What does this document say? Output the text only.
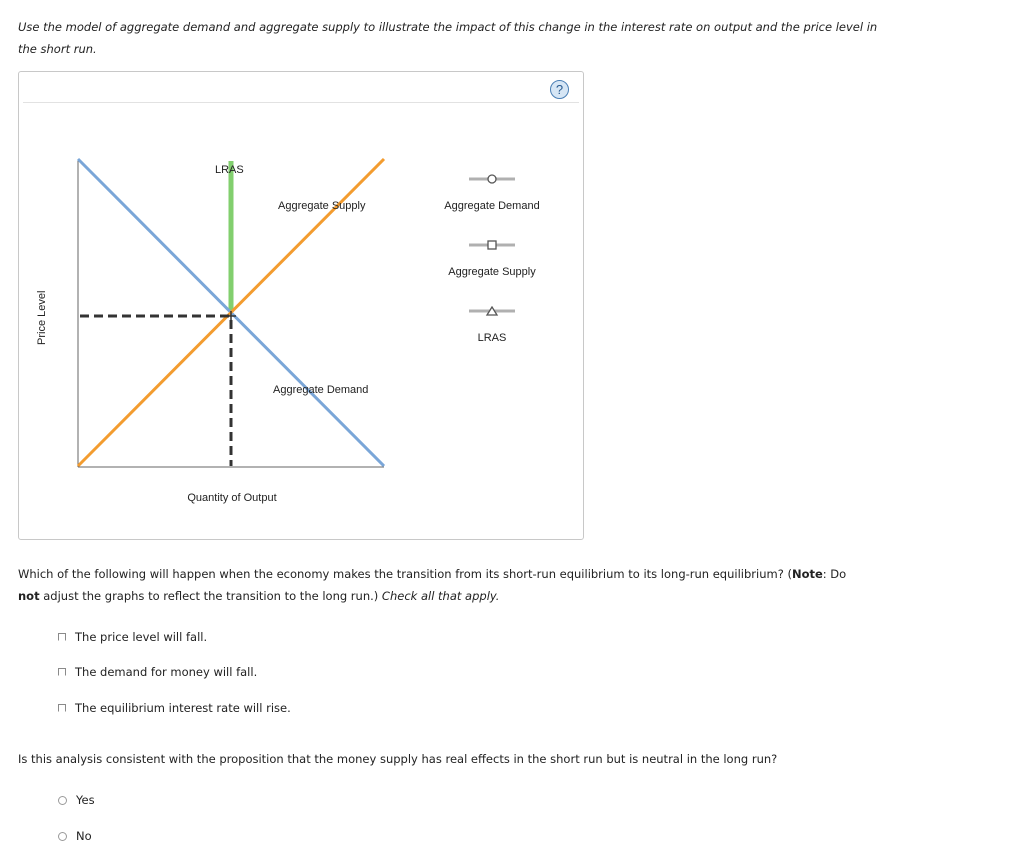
Use the model of aggregate demand and aggregate supply to illustrate the impact of this change in the interest rate on output and the price level in the short run.
?
Price Level
Quantity of Output
LRAS
Aggregate Supply
Aggregate Demand
Aggregate Demand
Aggregate Supply
LRAS
Which of the following will happen when the economy makes the transition from its short-run equilibrium to its long-run equilibrium? (Note: Do
not adjust the graphs to reflect the transition to the long run.) Check all that apply.
The price level will fall.
The demand for money will fall.
The equilibrium interest rate will rise.
Is this analysis consistent with the proposition that the money supply has real effects in the short run but is neutral in the long run?
Yes
No
